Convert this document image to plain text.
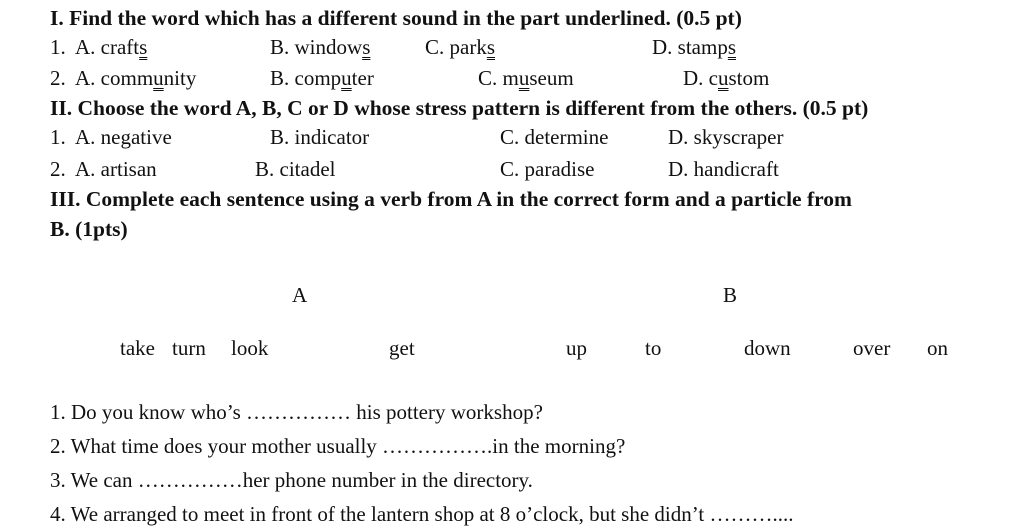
I. Find the word which has a different sound in the part underlined. (0.5 pt)
1. A. crafts	B. windows	C. parks	D. stamps
2. A. community	B. computer	C. museum	D. custom
II. Choose the word A, B, C or D whose stress pattern is different from the others. (0.5 pt)
1. A. negative	B. indicator	C. determine	D. skyscraper
2. A. artisan	B. citadel	C. paradise	D. handicraft
III. Complete each sentence using a verb from A in the correct form and a particle from
B. (1pts)
A	B
take turn look	get	up	to	down	over on
1. Do you know who’s …………… his pottery workshop?
2. What time does your mother usually …………….in the morning?
3. We can ……………her phone number in the directory.
4. We arranged to meet in front of the lantern shop at 8 o’clock, but she didn’t ………....
